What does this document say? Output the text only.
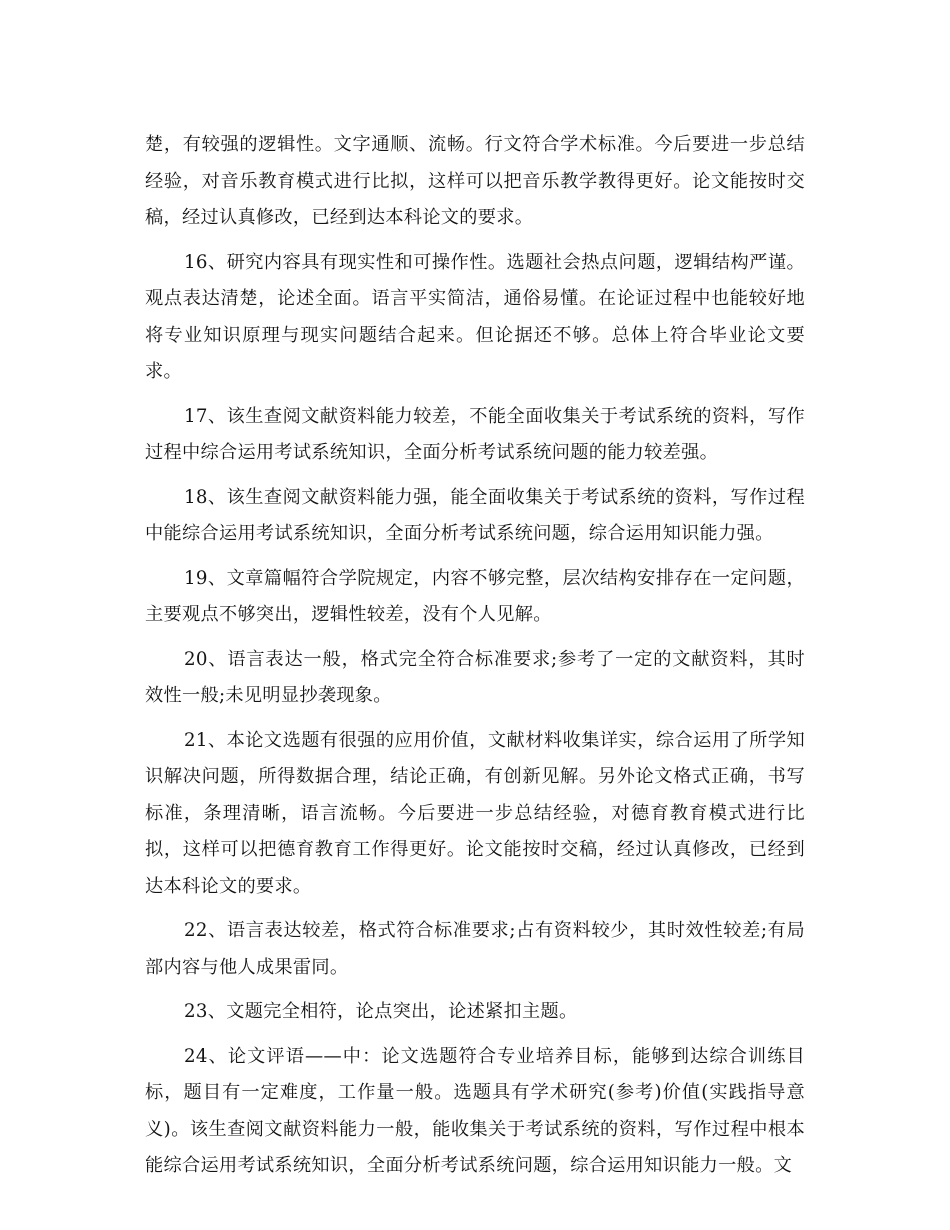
楚，有较强的逻辑性。文字通顺、流畅。行文符合学术标准。今后要进一步总结经验，对音乐教育模式进行比拟，这样可以把音乐教学教得更好。论文能按时交稿，经过认真修改，已经到达本科论文的要求。

16、研究内容具有现实性和可操作性。选题社会热点问题，逻辑结构严谨。观点表达清楚，论述全面。语言平实简洁，通俗易懂。在论证过程中也能较好地将专业知识原理与现实问题结合起来。但论据还不够。总体上符合毕业论文要求。

17、该生查阅文献资料能力较差，不能全面收集关于考试系统的资料，写作过程中综合运用考试系统知识，全面分析考试系统问题的能力较差强。

18、该生查阅文献资料能力强，能全面收集关于考试系统的资料，写作过程中能综合运用考试系统知识，全面分析考试系统问题，综合运用知识能力强。

19、文章篇幅符合学院规定，内容不够完整，层次结构安排存在一定问题，主要观点不够突出，逻辑性较差，没有个人见解。

20、语言表达一般，格式完全符合标准要求;参考了一定的文献资料，其时效性一般;未见明显抄袭现象。

21、本论文选题有很强的应用价值，文献材料收集详实，综合运用了所学知识解决问题，所得数据合理，结论正确，有创新见解。另外论文格式正确，书写标准，条理清晰，语言流畅。今后要进一步总结经验，对德育教育模式进行比拟，这样可以把德育教育工作得更好。论文能按时交稿，经过认真修改，已经到达本科论文的要求。

22、语言表达较差，格式符合标准要求;占有资料较少，其时效性较差;有局部内容与他人成果雷同。

23、文题完全相符，论点突出，论述紧扣主题。

24、论文评语——中：论文选题符合专业培养目标，能够到达综合训练目标，题目有一定难度，工作量一般。选题具有学术研究(参考)价值(实践指导意义)。该生查阅文献资料能力一般，能收集关于考试系统的资料，写作过程中根本能综合运用考试系统知识，全面分析考试系统问题，综合运用知识能力一般。文
